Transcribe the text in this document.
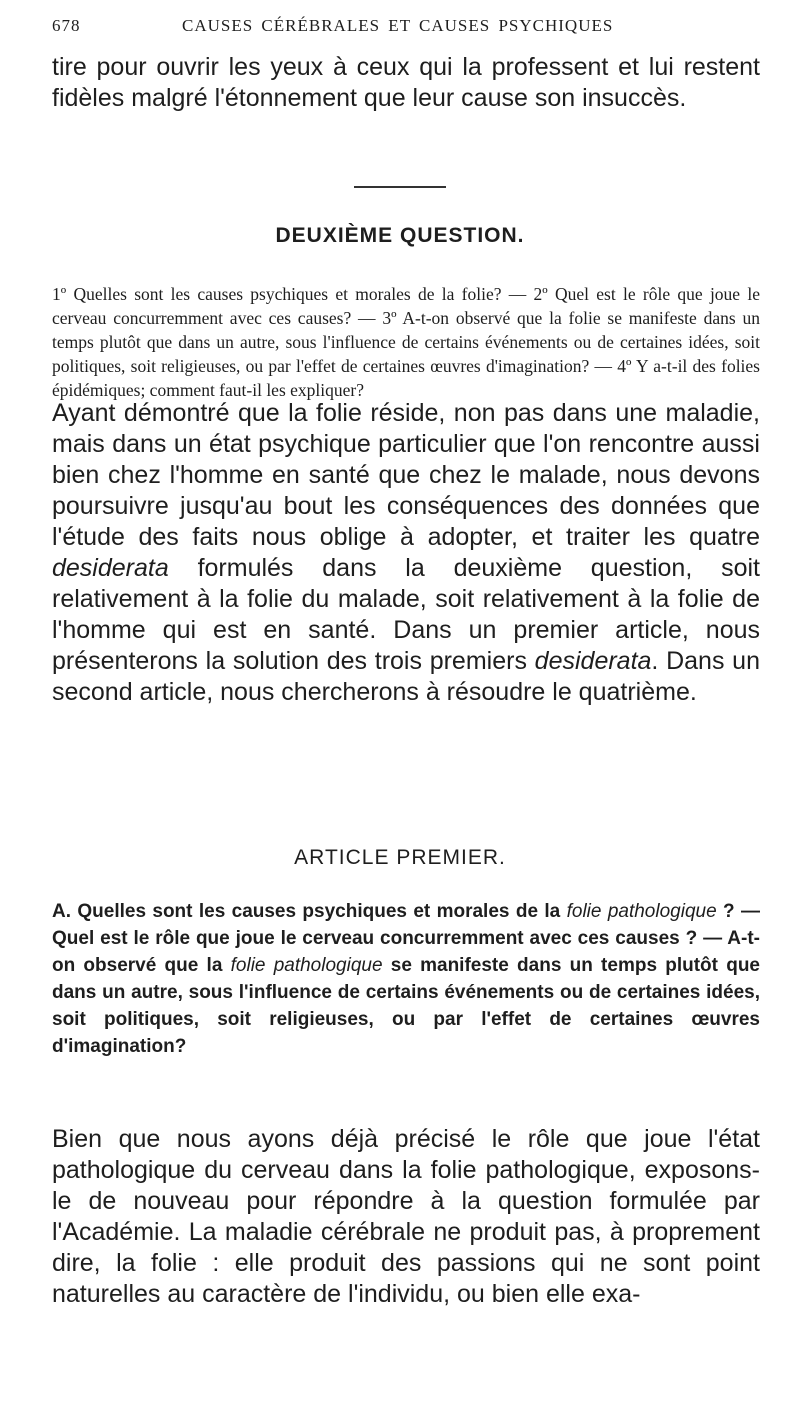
678	CAUSES CÉRÉBRALES ET CAUSES PSYCHIQUES

tire pour ouvrir les yeux à ceux qui la professent et lui restent fidèles malgré l'étonnement que leur cause son insuccès.

DEUXIÈME QUESTION.

1º Quelles sont les causes psychiques et morales de la folie? — 2º Quel est le rôle que joue le cerveau concurremment avec ces causes? — 3º A-t-on observé que la folie se manifeste dans un temps plutôt que dans un autre, sous l'influence de certains événements ou de certaines idées, soit politiques, soit religieuses, ou par l'effet de certaines œuvres d'imagination? — 4º Y a-t-il des folies épidémiques; comment faut-il les expliquer?

Ayant démontré que la folie réside, non pas dans une maladie, mais dans un état psychique particulier que l'on rencontre aussi bien chez l'homme en santé que chez le malade, nous devons poursuivre jusqu'au bout les conséquences des données que l'étude des faits nous oblige à adopter, et traiter les quatre desiderata formulés dans la deuxième question, soit relativement à la folie du malade, soit relativement à la folie de l'homme qui est en santé. Dans un premier article, nous présenterons la solution des trois premiers desiderata. Dans un second article, nous chercherons à résoudre le quatrième.

ARTICLE PREMIER.

A. Quelles sont les causes psychiques et morales de la folie pathologique ? — Quel est le rôle que joue le cerveau concurremment avec ces causes ? — A-t-on observé que la folie pathologique se manifeste dans un temps plutôt que dans un autre, sous l'influence de certains événements ou de certaines idées, soit politiques, soit religieuses, ou par l'effet de certaines œuvres d'imagination?

Bien que nous ayons déjà précisé le rôle que joue l'état pathologique du cerveau dans la folie pathologique, exposons-le de nouveau pour répondre à la question formulée par l'Académie. La maladie cérébrale ne produit pas, à proprement dire, la folie : elle produit des passions qui ne sont point naturelles au caractère de l'individu, ou bien elle exa-
